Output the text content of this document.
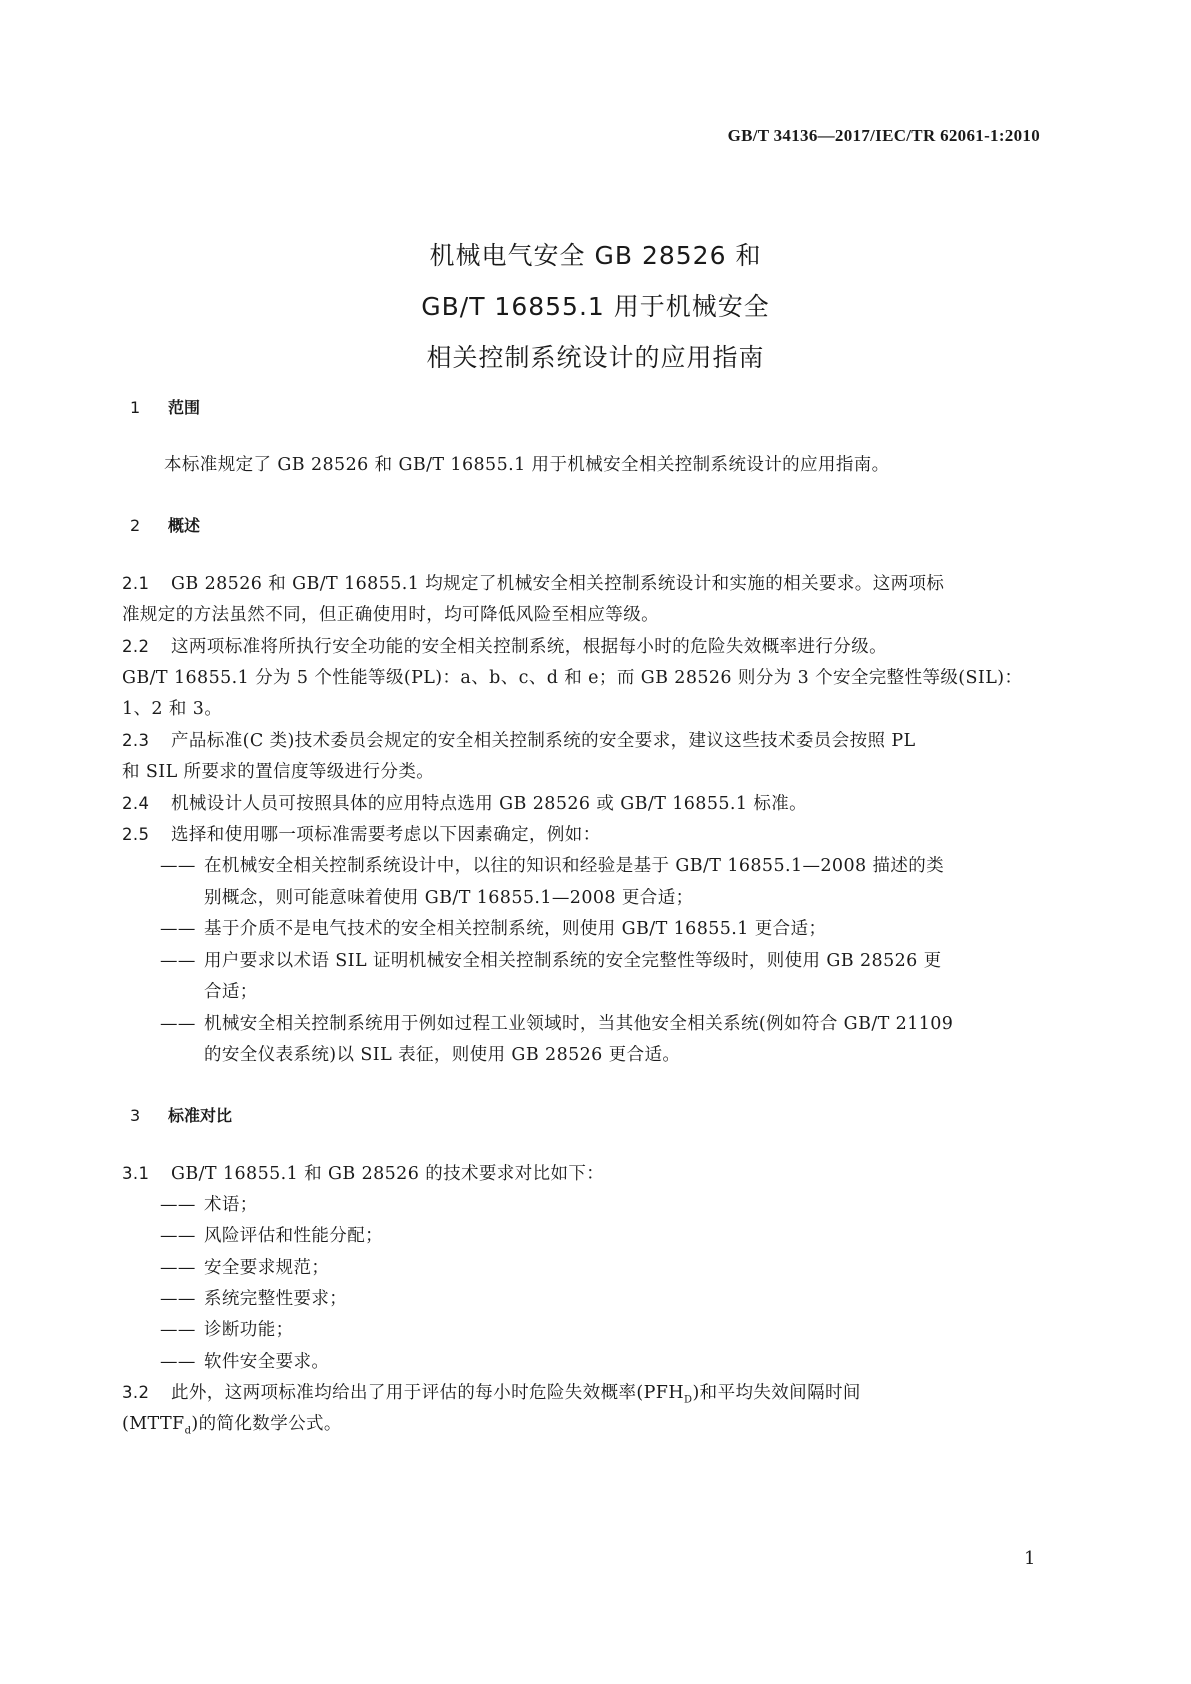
GB/T 34136—2017/IEC/TR 62061-1:2010
机械电气安全 GB 28526 和
GB/T 16855.1 用于机械安全
相关控制系统设计的应用指南
1 范围
本标准规定了 GB 28526 和 GB/T 16855.1 用于机械安全相关控制系统设计的应用指南。
2 概述
2.1 GB 28526 和 GB/T 16855.1 均规定了机械安全相关控制系统设计和实施的相关要求。这两项标
准规定的方法虽然不同，但正确使用时，均可降低风险至相应等级。
2.2 这两项标准将所执行安全功能的安全相关控制系统，根据每小时的危险失效概率进行分级。
GB/T 16855.1 分为 5 个性能等级(PL)：a、b、c、d 和 e；而 GB 28526 则分为 3 个安全完整性等级(SIL)：
1、2 和 3。
2.3 产品标准(C 类)技术委员会规定的安全相关控制系统的安全要求，建议这些技术委员会按照 PL
和 SIL 所要求的置信度等级进行分类。
2.4 机械设计人员可按照具体的应用特点选用 GB 28526 或 GB/T 16855.1 标准。
2.5 选择和使用哪一项标准需要考虑以下因素确定，例如：
—— 在机械安全相关控制系统设计中，以往的知识和经验是基于 GB/T 16855.1—2008 描述的类
别概念，则可能意味着使用 GB/T 16855.1—2008 更合适；
—— 基于介质不是电气技术的安全相关控制系统，则使用 GB/T 16855.1 更合适；
—— 用户要求以术语 SIL 证明机械安全相关控制系统的安全完整性等级时，则使用 GB 28526 更
合适；
—— 机械安全相关控制系统用于例如过程工业领域时，当其他安全相关系统(例如符合 GB/T 21109
的安全仪表系统)以 SIL 表征，则使用 GB 28526 更合适。
3 标准对比
3.1 GB/T 16855.1 和 GB 28526 的技术要求对比如下：
—— 术语；
—— 风险评估和性能分配；
—— 安全要求规范；
—— 系统完整性要求；
—— 诊断功能；
—— 软件安全要求。
3.2 此外，这两项标准均给出了用于评估的每小时危险失效概率$(PFH_D)$和平均失效间隔时间
$(MTTF_d)$的简化数学公式。
1
